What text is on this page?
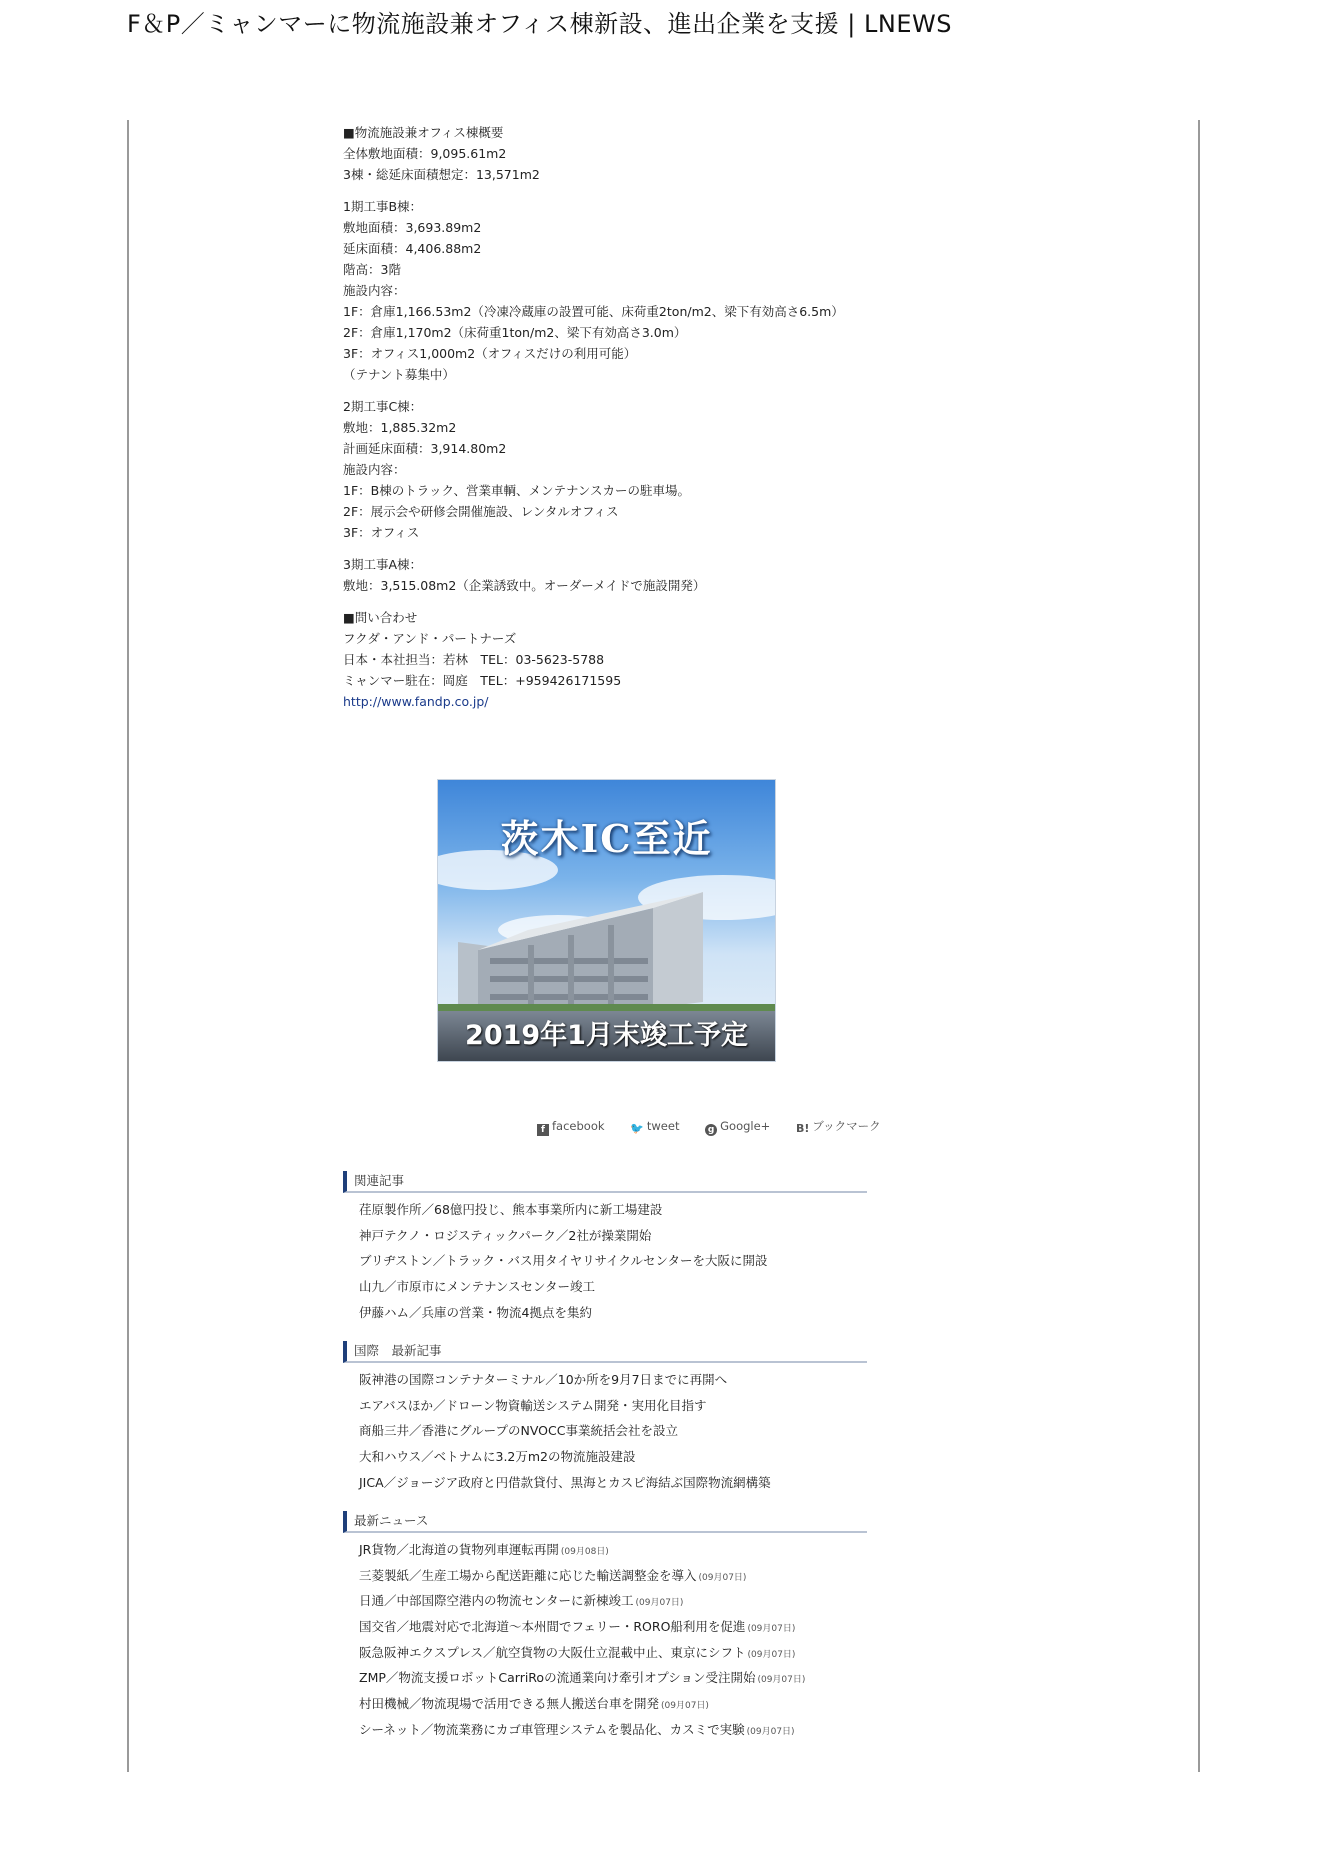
F＆P／ミャンマーに物流施設兼オフィス棟新設、進出企業を支援 | LNEWS
■物流施設兼オフィス棟概要
全体敷地面積：9,095.61m2
3棟・総延床面積想定：13,571m2
1期工事B棟：
敷地面積：3,693.89m2
延床面積：4,406.88m2
階高：3階
施設内容：
1F：倉庫1,166.53m2（冷凍冷蔵庫の設置可能、床荷重2ton/m2、梁下有効高さ6.5m）
2F：倉庫1,170m2（床荷重1ton/m2、梁下有効高さ3.0m）
3F：オフィス1,000m2（オフィスだけの利用可能）
（テナント募集中）
2期工事C棟：
敷地：1,885.32m2
計画延床面積：3,914.80m2
施設内容：
1F：B棟のトラック、営業車輌、メンテナンスカーの駐車場。
2F：展示会や研修会開催施設、レンタルオフィス
3F：オフィス
3期工事A棟：
敷地：3,515.08m2（企業誘致中。オーダーメイドで施設開発）
■問い合わせ
フクダ・アンド・パートナーズ
日本・本社担当：若林　TEL：03-5623-5788
ミャンマー駐在：岡庭　TEL：+959426171595
http://www.fandp.co.jp/
茨木IC至近
2019年1月末竣工予定
f facebook 🐦 tweet	g Google+ B! ブックマーク
関連記事
荏原製作所／68億円投じ、熊本事業所内に新工場建設
神戸テクノ・ロジスティックパーク／2社が操業開始
ブリヂストン／トラック・バス用タイヤリサイクルセンターを大阪に開設
山九／市原市にメンテナンスセンター竣工
伊藤ハム／兵庫の営業・物流4拠点を集約
国際　最新記事
阪神港の国際コンテナターミナル／10か所を9月7日までに再開へ
エアバスほか／ドローン物資輸送システム開発・実用化目指す
商船三井／香港にグループのNVOCC事業統括会社を設立
大和ハウス／ベトナムに3.2万m2の物流施設建設
JICA／ジョージア政府と円借款貸付、黒海とカスピ海結ぶ国際物流網構築
最新ニュース
JR貨物／北海道の貨物列車運転再開 (09月08日)
三菱製紙／生産工場から配送距離に応じた輸送調整金を導入 (09月07日)
日通／中部国際空港内の物流センターに新棟竣工 (09月07日)
国交省／地震対応で北海道～本州間でフェリー・RORO船利用を促進 (09月07日)
阪急阪神エクスプレス／航空貨物の大阪仕立混載中止、東京にシフト (09月07日)
ZMP／物流支援ロボットCarriRoの流通業向け牽引オプション受注開始 (09月07日)
村田機械／物流現場で活用できる無人搬送台車を開発 (09月07日)
シーネット／物流業務にカゴ車管理システムを製品化、カスミで実験 (09月07日)
